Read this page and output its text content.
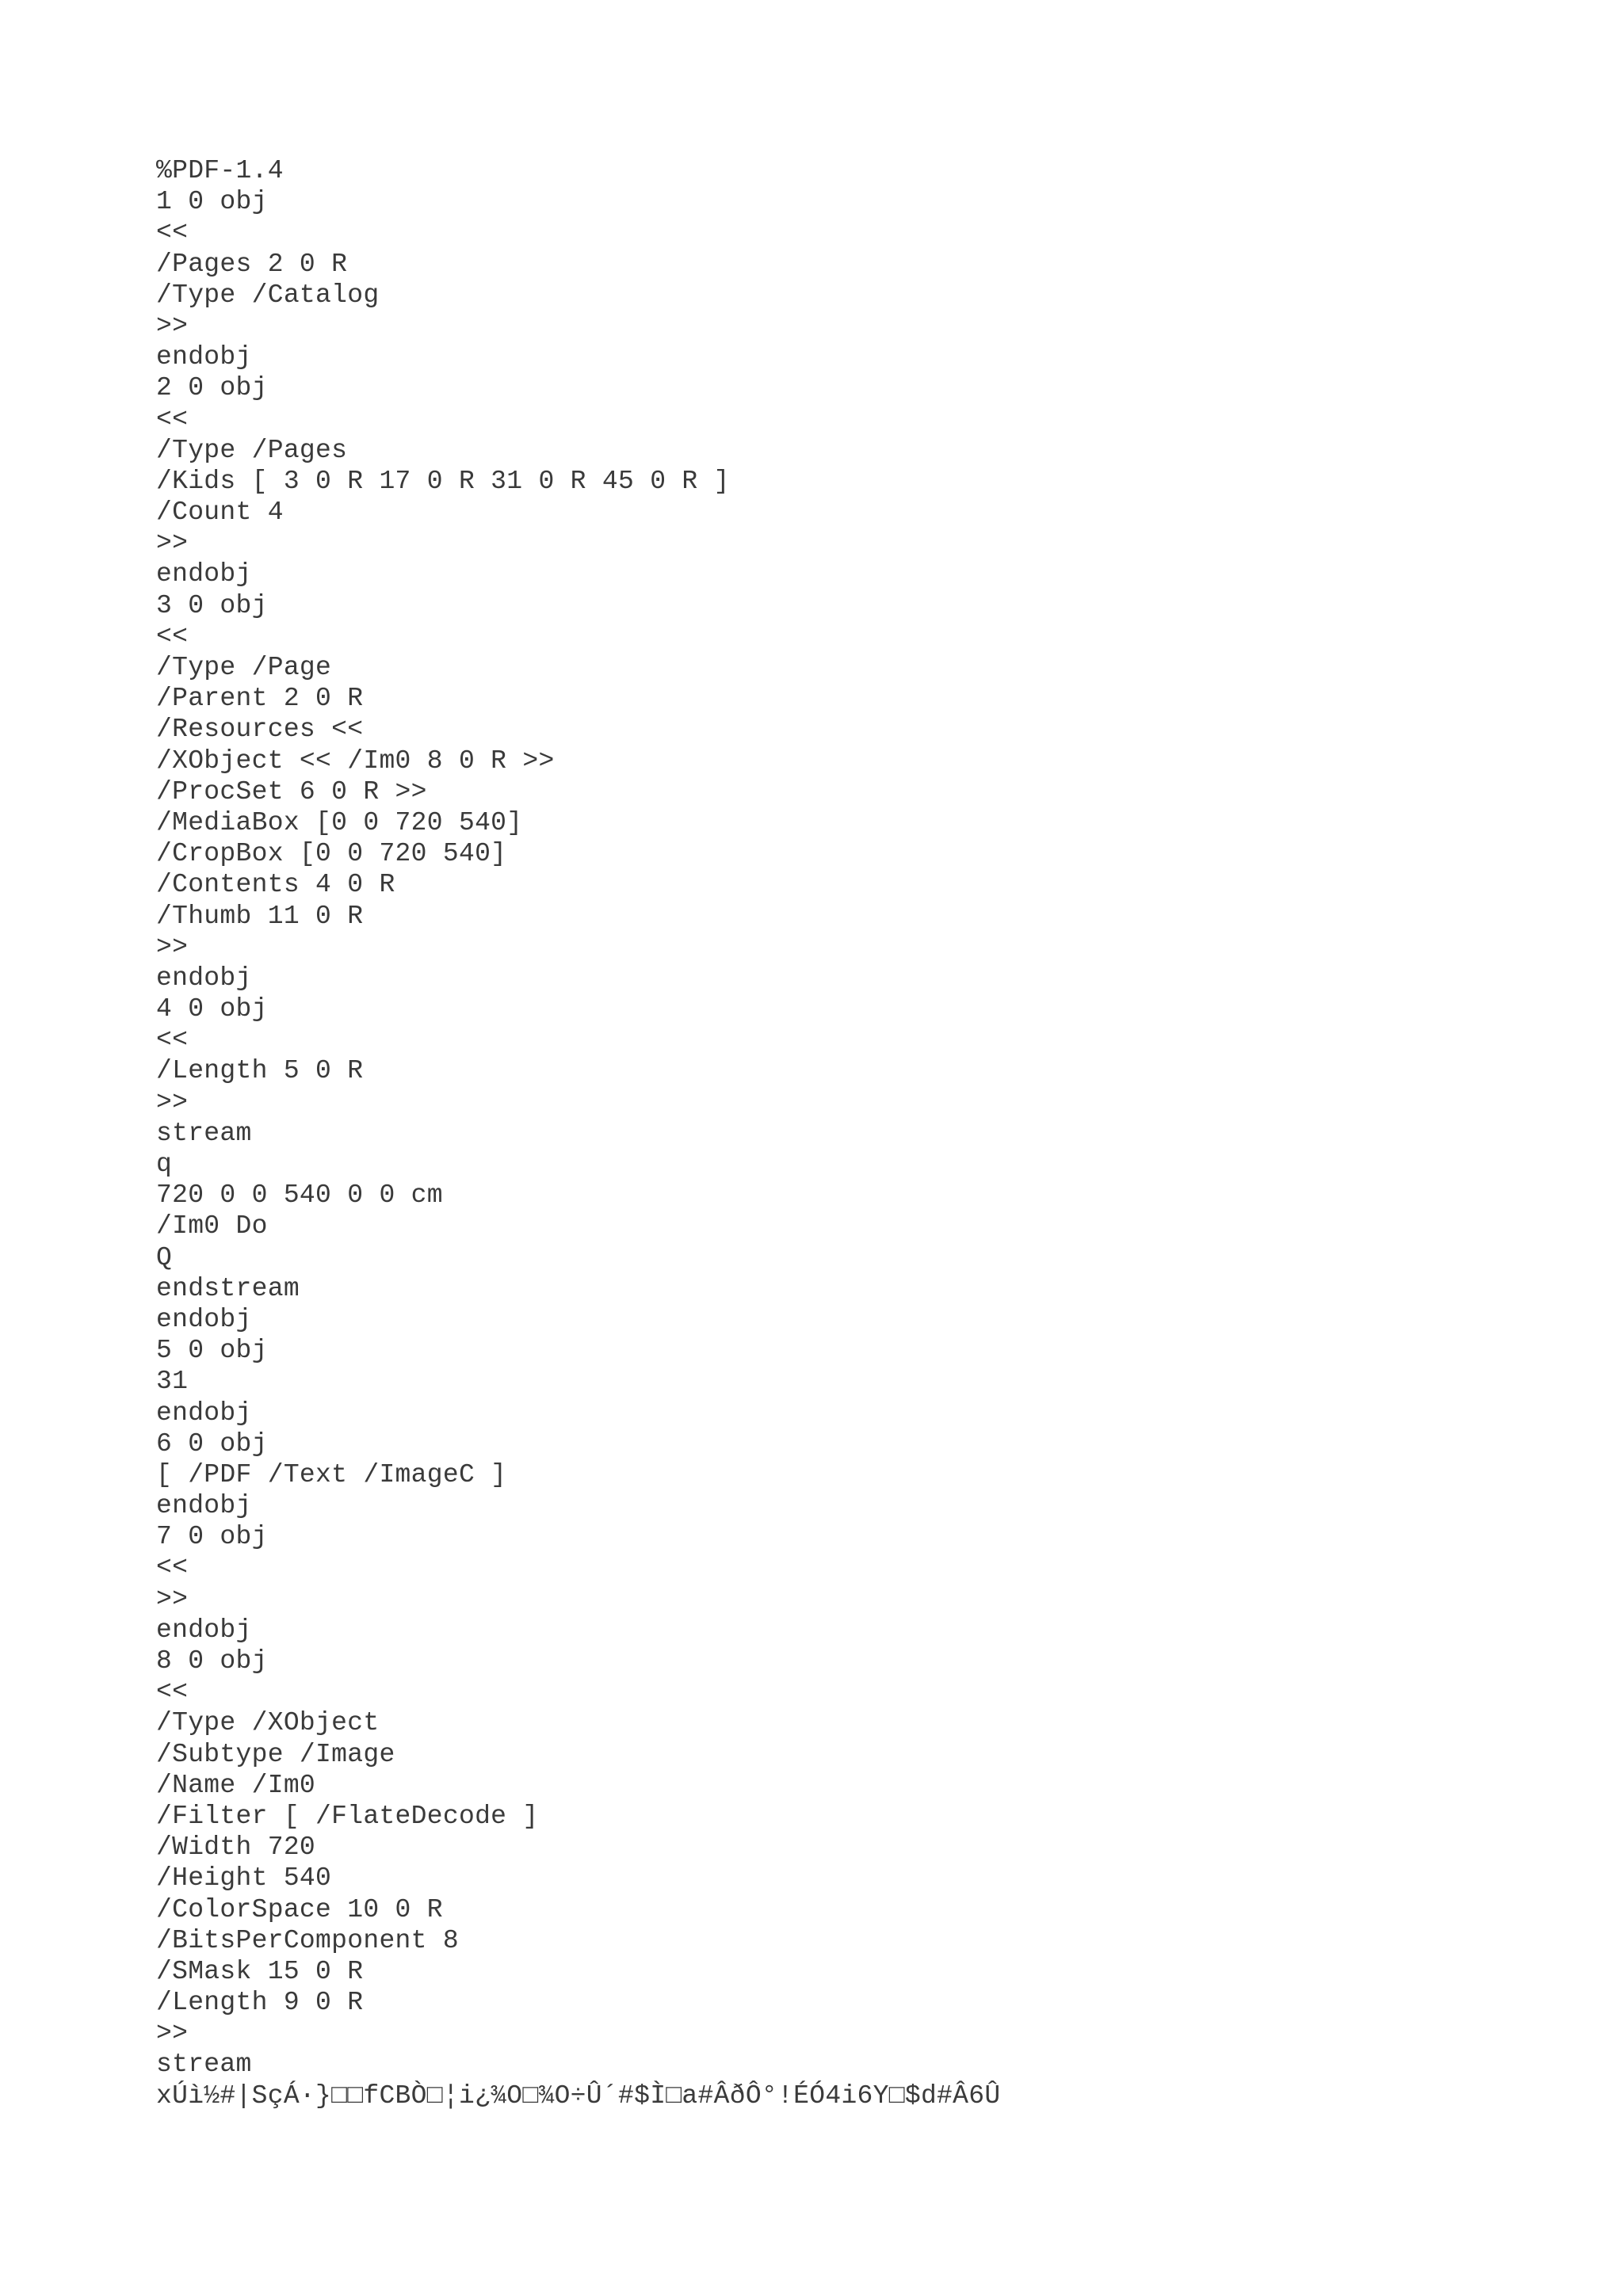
%PDF-1.4
1 0 obj
<<
/Pages 2 0 R
/Type /Catalog
>>
endobj
2 0 obj
<<
/Type /Pages
/Kids [ 3 0 R 17 0 R 31 0 R 45 0 R ]
/Count 4
>>
endobj
3 0 obj
<<
/Type /Page
/Parent 2 0 R
/Resources <<
/XObject << /Im0 8 0 R >>
/ProcSet 6 0 R >>
/MediaBox [0 0 720 540]
/CropBox [0 0 720 540]
/Contents 4 0 R
/Thumb 11 0 R
>>
endobj
4 0 obj
<<
/Length 5 0 R
>>
stream
q
720 0 0 540 0 0 cm
/Im0 Do
Q
endstream
endobj
5 0 obj
31
endobj
6 0 obj
[ /PDF /Text /ImageC ]
endobj
7 0 obj
<<
>>
endobj
8 0 obj
<<
/Type /XObject
/Subtype /Image
/Name /Im0
/Filter [ /FlateDecode ]
/Width 720
/Height 540
/ColorSpace 10 0 R
/BitsPerComponent 8
/SMask 15 0 R
/Length 9 0 R
>>
stream
xÚì½#|SçÁ·}□□fCBÒ□¦i¿¾O□¾O÷Û´#$Ì□a#ÂðÔ°!ÉÓ4i6Y□$d#Â6Û
